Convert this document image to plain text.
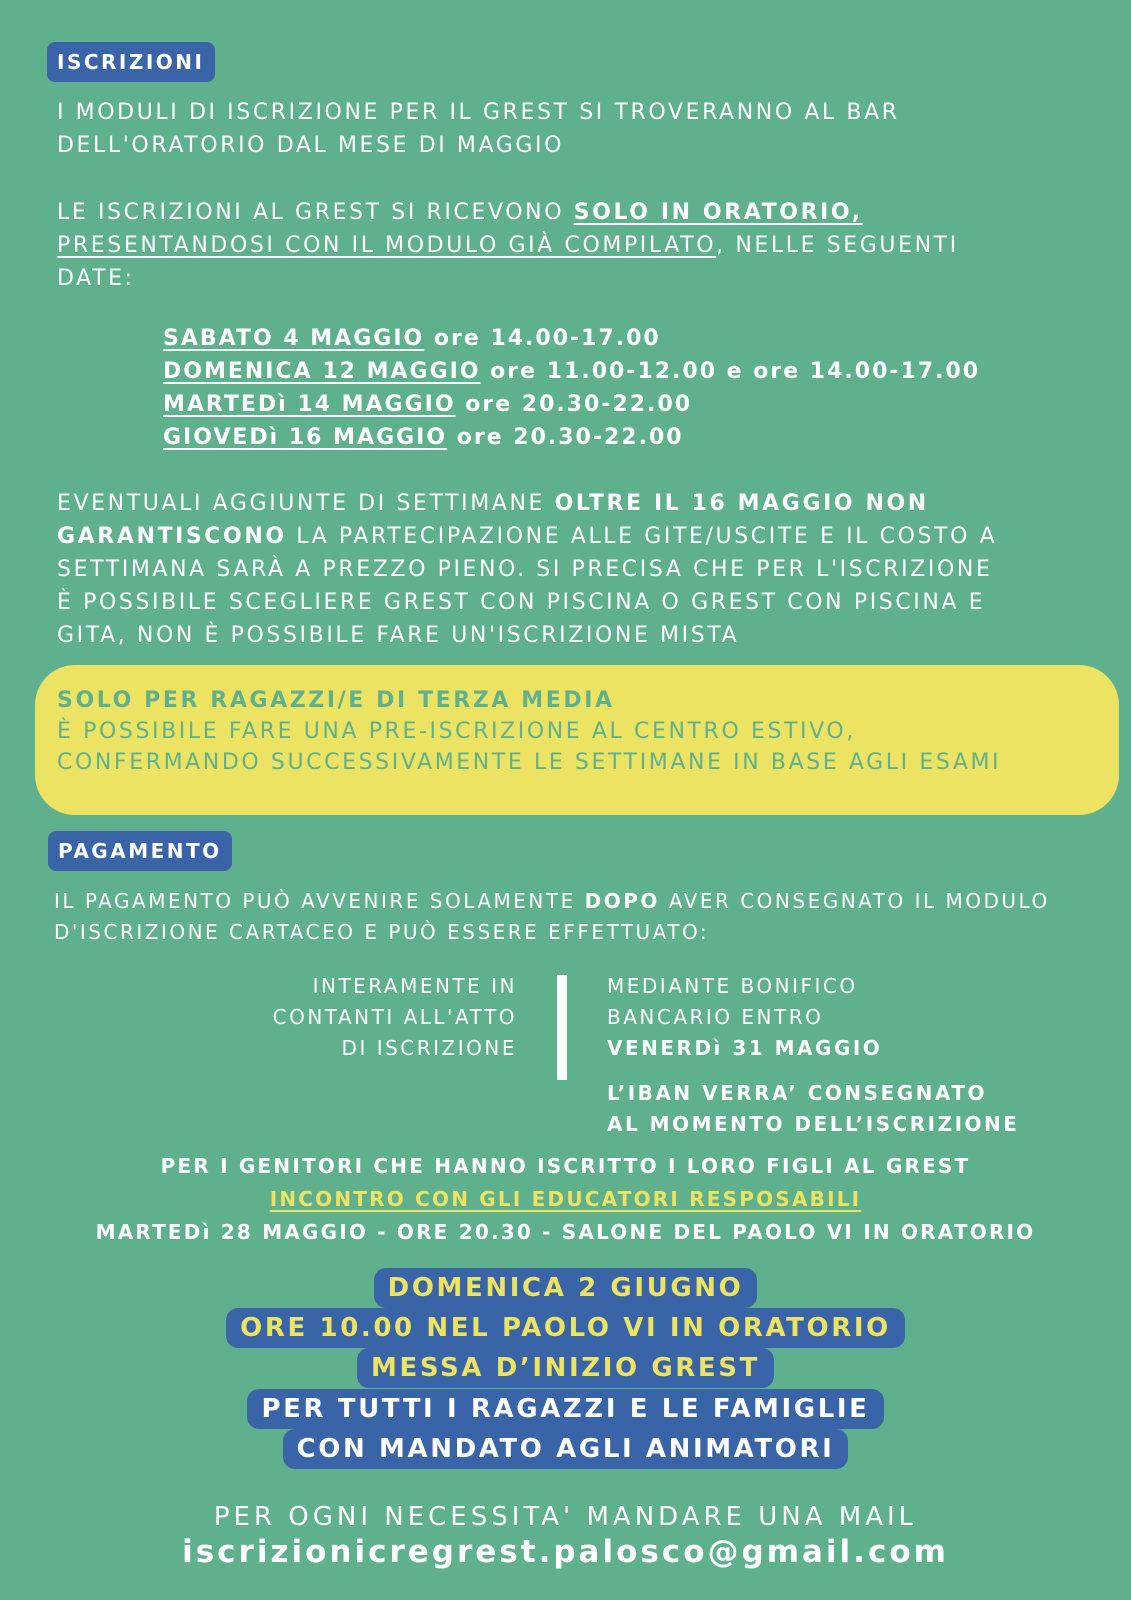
ISCRIZIONI
I MODULI DI ISCRIZIONE PER IL GREST SI TROVERANNO AL BAR
DELL'ORATORIO DAL MESE DI MAGGIO
LE ISCRIZIONI AL GREST SI RICEVONO SOLO IN ORATORIO,
PRESENTANDOSI CON IL MODULO GIÀ COMPILATO, NELLE SEGUENTI
DATE:
SABATO 4 MAGGIO ore 14.00-17.00
DOMENICA 12 MAGGIO ore 11.00-12.00 e ore 14.00-17.00
MARTEDì 14 MAGGIO ore 20.30-22.00
GIOVEDì 16 MAGGIO ore 20.30-22.00
EVENTUALI AGGIUNTE DI SETTIMANE OLTRE IL 16 MAGGIO NON
GARANTISCONO LA PARTECIPAZIONE ALLE GITE/USCITE E IL COSTO A
SETTIMANA SARÀ A PREZZO PIENO. SI PRECISA CHE PER L'ISCRIZIONE
È POSSIBILE SCEGLIERE GREST CON PISCINA O GREST CON PISCINA E
GITA, NON È POSSIBILE FARE UN'ISCRIZIONE MISTA
SOLO PER RAGAZZI/E DI TERZA MEDIA
È POSSIBILE FARE UNA PRE-ISCRIZIONE AL CENTRO ESTIVO,
CONFERMANDO SUCCESSIVAMENTE LE SETTIMANE IN BASE AGLI ESAMI
PAGAMENTO
IL PAGAMENTO PUÒ AVVENIRE SOLAMENTE DOPO AVER CONSEGNATO IL MODULO
D'ISCRIZIONE CARTACEO E PUÒ ESSERE EFFETTUATO:
INTERAMENTE IN
CONTANTI ALL'ATTO
DI ISCRIZIONE
MEDIANTE BONIFICO
BANCARIO ENTRO
VENERDì 31 MAGGIO
L’IBAN VERRA’ CONSEGNATO
AL MOMENTO DELL’ISCRIZIONE
PER I GENITORI CHE HANNO ISCRITTO I LORO FIGLI AL GREST
INCONTRO CON GLI EDUCATORI RESPOSABILI
MARTEDì 28 MAGGIO - ORE 20.30 - SALONE DEL PAOLO VI IN ORATORIO
DOMENICA 2 GIUGNO
ORE 10.00 NEL PAOLO VI IN ORATORIO
MESSA D’INIZIO GREST
PER TUTTI I RAGAZZI E LE FAMIGLIE
CON MANDATO AGLI ANIMATORI
PER OGNI NECESSITA' MANDARE UNA MAIL
iscrizionicregrest.palosco@gmail.com
